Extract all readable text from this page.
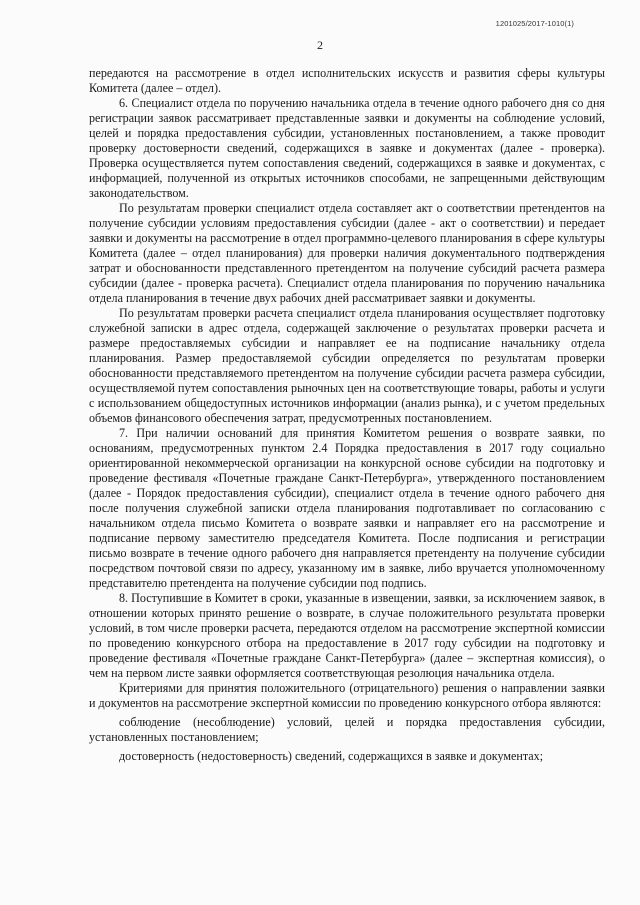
1201025/2017-1010(1)
2

передаются на рассмотрение в отдел исполнительских искусств и развития сферы культуры Комитета (далее – отдел).

6. Специалист отдела по поручению начальника отдела в течение одного рабочего дня со дня регистрации заявок рассматривает представленные заявки и документы на соблюдение условий, целей и порядка предоставления субсидии, установленных постановлением, а также проводит проверку достоверности сведений, содержащихся в заявке и документах (далее - проверка). Проверка осуществляется путем сопоставления сведений, содержащихся в заявке и документах, с информацией, полученной из открытых источников способами, не запрещенными действующим законодательством.

По результатам проверки специалист отдела составляет акт о соответствии претендентов на получение субсидии условиям предоставления субсидии (далее - акт о соответствии) и передает заявки и документы на рассмотрение в отдел программно-целевого планирования в сфере культуры Комитета (далее – отдел планирования) для проверки наличия документального подтверждения затрат и обоснованности представленного претендентом на получение субсидий расчета размера субсидии (далее - проверка расчета). Специалист отдела планирования по поручению начальника отдела планирования в течение двух рабочих дней рассматривает заявки и документы.

По результатам проверки расчета специалист отдела планирования осуществляет подготовку служебной записки в адрес отдела, содержащей заключение о результатах проверки расчета и размере предоставляемых субсидии и направляет ее на подписание начальнику отдела планирования. Размер предоставляемой субсидии определяется по результатам проверки обоснованности представляемого претендентом на получение субсидии расчета размера субсидии, осуществляемой путем сопоставления рыночных цен на соответствующие товары, работы и услуги с использованием общедоступных источников информации (анализ рынка), и с учетом предельных объемов финансового обеспечения затрат, предусмотренных постановлением.

7. При наличии оснований для принятия Комитетом решения о возврате заявки, по основаниям, предусмотренных пунктом 2.4 Порядка предоставления в 2017 году социально ориентированной некоммерческой организации на конкурсной основе субсидии на подготовку и проведение фестиваля «Почетные граждане Санкт-Петербурга», утвержденного постановлением (далее - Порядок предоставления субсидии), специалист отдела в течение одного рабочего дня после получения служебной записки отдела планирования подготавливает по согласованию с начальником отдела письмо Комитета о возврате заявки и направляет его на рассмотрение и подписание первому заместителю председателя Комитета. После подписания и регистрации письмо возврате в течение одного рабочего дня направляется претенденту на получение субсидии посредством почтовой связи по адресу, указанному им в заявке, либо вручается уполномоченному представителю претендента на получение субсидии под подпись.

8. Поступившие в Комитет в сроки, указанные в извещении, заявки, за исключением заявок, в отношении которых принято решение о возврате, в случае положительного результата проверки условий, в том числе проверки расчета, передаются отделом на рассмотрение экспертной комиссии по проведению конкурсного отбора на предоставление в 2017 году субсидии на подготовку и проведение фестиваля «Почетные граждане Санкт-Петербурга» (далее – экспертная комиссия), о чем на первом листе заявки оформляется соответствующая резолюция начальника отдела.

Критериями для принятия положительного (отрицательного) решения о направлении заявки и документов на рассмотрение экспертной комиссии по проведению конкурсного отбора являются:

соблюдение (несоблюдение) условий, целей и порядка предоставления субсидии, установленных постановлением;

достоверность (недостоверность) сведений, содержащихся в заявке и документах;
